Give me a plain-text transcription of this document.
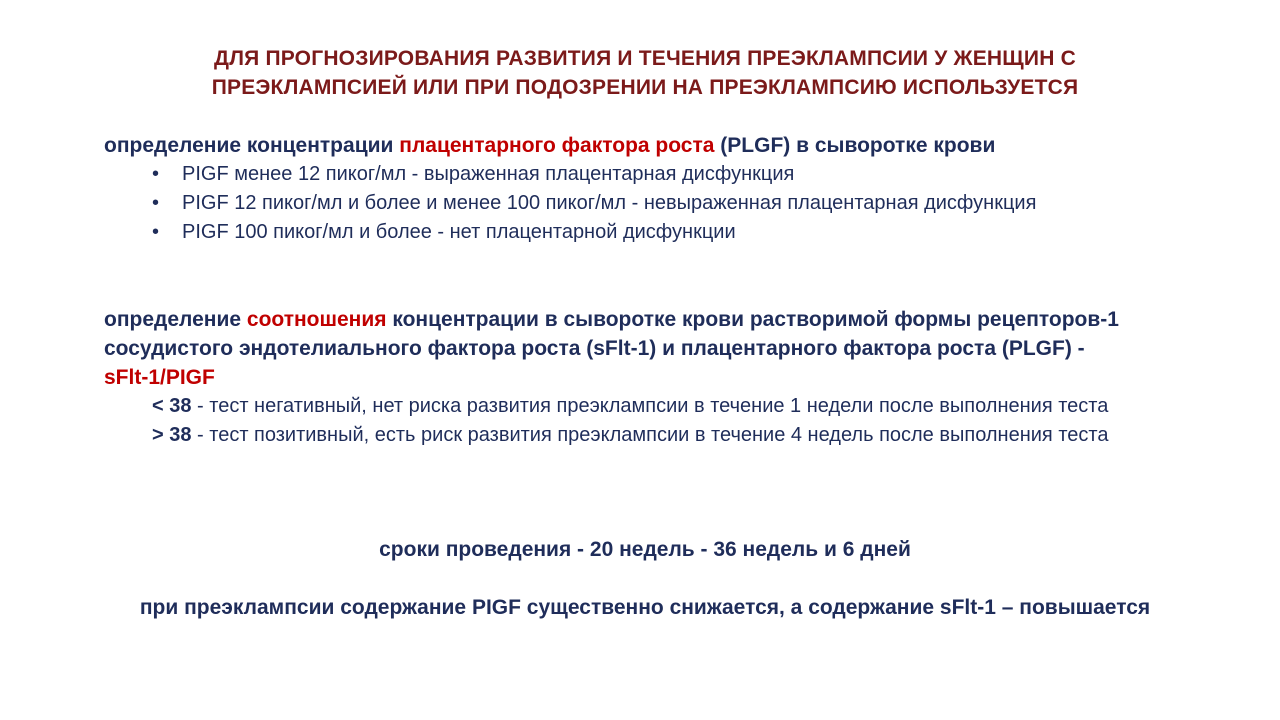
ДЛЯ ПРОГНОЗИРОВАНИЯ РАЗВИТИЯ И ТЕЧЕНИЯ ПРЕЭКЛАМПСИИ У ЖЕНЩИН С
ПРЕЭКЛАМПСИЕЙ ИЛИ ПРИ ПОДОЗРЕНИИ НА ПРЕЭКЛАМПСИЮ ИСПОЛЬЗУЕТСЯ
определение концентрации плацентарного фактора роста (PLGF) в сыворотке крови
• PIGF менее 12 пиког/мл - выраженная плацентарная дисфункция
• PIGF 12 пиког/мл и более и менее 100 пиког/мл - невыраженная плацентарная дисфункция
• PIGF 100 пиког/мл и более - нет плацентарной дисфункции
определение соотношения концентрации в сыворотке крови растворимой формы рецепторов-1 сосудистого эндотелиального фактора роста (sFlt-1) и плацентарного фактора роста (PLGF) - sFlt-1/PIGF
< 38 - тест негативный, нет риска развития преэклампсии в течение 1 недели после выполнения теста
> 38 - тест позитивный, есть риск развития преэклампсии в течение 4 недель после выполнения теста
сроки проведения - 20 недель - 36 недель и 6 дней
при преэклампсии содержание PIGF существенно снижается, а содержание sFlt-1 – повышается
